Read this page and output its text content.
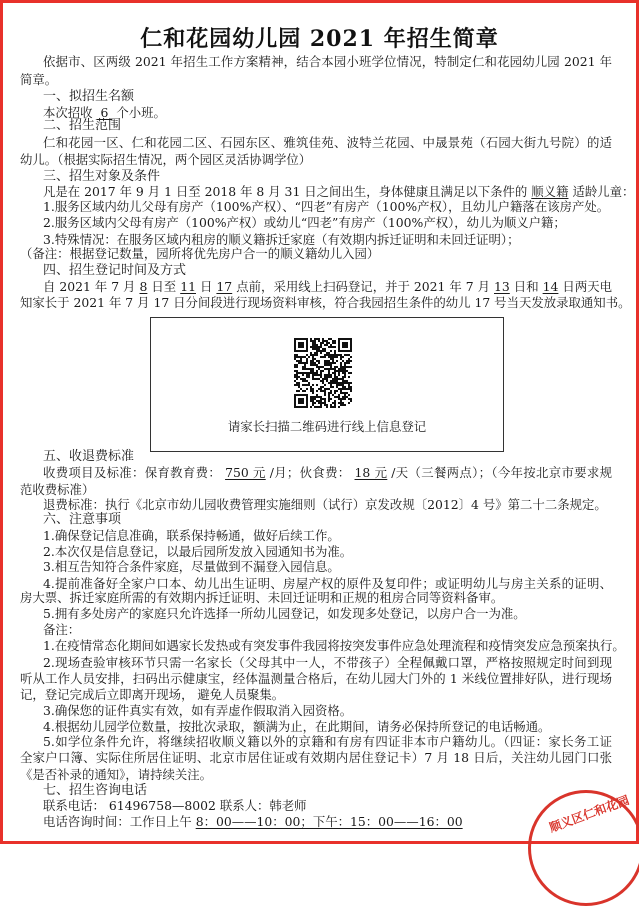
仁和花园幼儿园 2021 年招生简章
依据市、区两级 2021 年招生工作方案精神，结合本园小班学位情况，特制定仁和花园幼儿园 2021 年
简章。
一、拟招生名额
本次招收 6 个小班。
二、招生范围
仁和花园一区、仁和花园二区、石园东区、雅筑佳苑、波特兰花园、中晟景苑（石园大街九号院）的适
幼儿。（根据实际招生情况，两个园区灵活协调学位）
三、招生对象及条件
凡是在 2017 年 9 月 1 日至 2018 年 8 月 31 日之间出生，身体健康且满足以下条件的 顺义籍 适龄儿童：
1.服务区域内幼儿父母有房产（100%产权）、“四老”有房产（100%产权），且幼儿户籍落在该房产处。
2.服务区域内父母有房产（100%产权）或幼儿“四老”有房产（100%产权），幼儿为顺义户籍；
3.特殊情况：在服务区域内租房的顺义籍拆迁家庭（有效期内拆迁证明和未回迁证明）；
（备注：根据登记数量，园所将优先房户合一的顺义籍幼儿入园）
四、招生登记时间及方式
自 2021 年 7 月 8 日至 11 日 17 点前，采用线上扫码登记，并于 2021 年 7 月 13 日和 14 日两天电
知家长于 2021 年 7 月 17 日分间段进行现场资料审核，符合我园招生条件的幼儿 17 号当天发放录取通知书。
五、收退费标准
收费项目及标准：保育教育费： 750 元 /月；伙食费： 18 元 /天（三餐两点）；（今年按北京市要求规
范收费标准）
退费标准：执行《北京市幼儿园收费管理实施细则（试行）京发改规〔2012〕4 号》第二十二条规定。
六、注意事项
1.确保登记信息准确，联系保持畅通，做好后续工作。
2.本次仅是信息登记，以最后园所发放入园通知书为准。
3.相互告知符合条件家庭，尽量做到不漏登入园信息。
4.提前准备好全家户口本、幼儿出生证明、房屋产权的原件及复印件；或证明幼儿与房主关系的证明、
房大票、拆迁家庭所需的有效期内拆迁证明、未回迁证明和正规的租房合同等资料备审。
5.拥有多处房产的家庭只允许选择一所幼儿园登记，如发现多处登记，以房户合一为准。
备注：
1.在疫情常态化期间如遇家长发热或有突发事件我园将按突发事件应急处理流程和疫情突发应急预案执行。
2.现场查验审核环节只需一名家长（父母其中一人，不带孩子）全程佩戴口罩，严格按照规定时间到现
听从工作人员安排，扫码出示健康宝，经体温测量合格后，在幼儿园大门外的 1 米线位置排好队，进行现场
记，登记完成后立即离开现场， 避免人员聚集。
3.确保您的证件真实有效，如有弄虚作假取消入园资格。
4.根据幼儿园学位数量，按批次录取，额满为止，在此期间，请务必保持所登记的电话畅通。
5.如学位条件允许，将继续招收顺义籍以外的京籍和有房有四证非本市户籍幼儿。（四证：家长务工证
全家户口簿、实际住所居住证明、北京市居住证或有效期内居住登记卡）7 月 18 日后，关注幼儿园门口张
《是否补录的通知》，请持续关注。
七、招生咨询电话
联系电话： 61496758—8002 联系人：韩老师
电话咨询时间：工作日上午 8：00——10：00；下午：15：00——16：00
请家长扫描二维码进行线上信息登记
顺义区仁和花园
